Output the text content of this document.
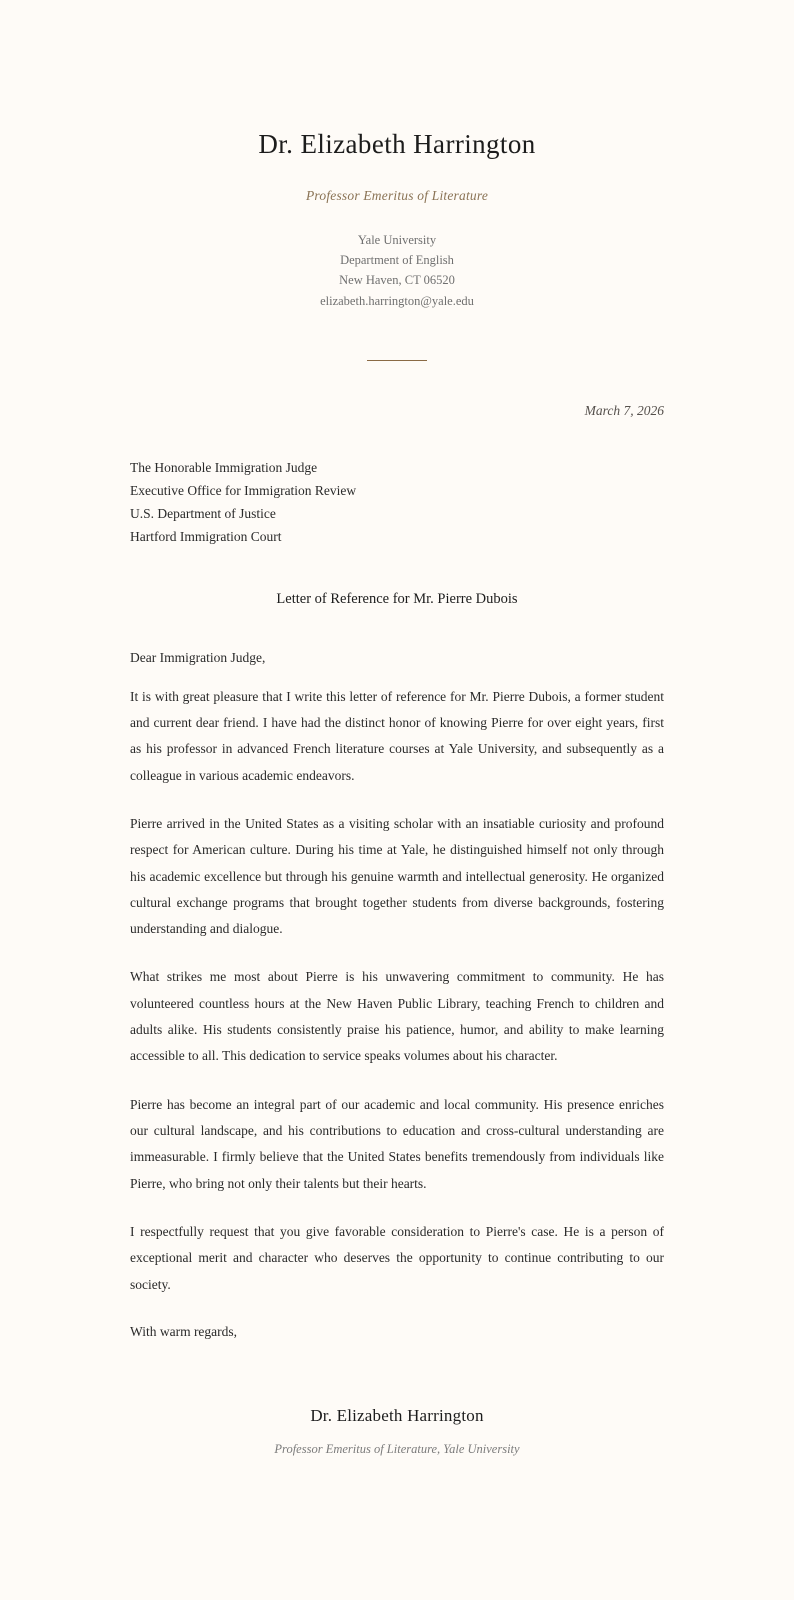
Dr. Elizabeth Harrington
Professor Emeritus of Literature
Yale University
Department of English
New Haven, CT 06520
elizabeth.harrington@yale.edu
March 7, 2026
The Honorable Immigration Judge
Executive Office for Immigration Review
U.S. Department of Justice
Hartford Immigration Court
Letter of Reference for Mr. Pierre Dubois
Dear Immigration Judge,

It is with great pleasure that I write this letter of reference for Mr. Pierre Dubois, a former student and current dear friend. I have had the distinct honor of knowing Pierre for over eight years, first as his professor in advanced French literature courses at Yale University, and subsequently as a colleague in various academic endeavors.

Pierre arrived in the United States as a visiting scholar with an insatiable curiosity and profound respect for American culture. During his time at Yale, he distinguished himself not only through his academic excellence but through his genuine warmth and intellectual generosity. He organized cultural exchange programs that brought together students from diverse backgrounds, fostering understanding and dialogue.

What strikes me most about Pierre is his unwavering commitment to community. He has volunteered countless hours at the New Haven Public Library, teaching French to children and adults alike. His students consistently praise his patience, humor, and ability to make learning accessible to all. This dedication to service speaks volumes about his character.

Pierre has become an integral part of our academic and local community. His presence enriches our cultural landscape, and his contributions to education and cross-cultural understanding are immeasurable. I firmly believe that the United States benefits tremendously from individuals like Pierre, who bring not only their talents but their hearts.

I respectfully request that you give favorable consideration to Pierre's case. He is a person of exceptional merit and character who deserves the opportunity to continue contributing to our society.

With warm regards,
Dr. Elizabeth Harrington
Professor Emeritus of Literature, Yale University
